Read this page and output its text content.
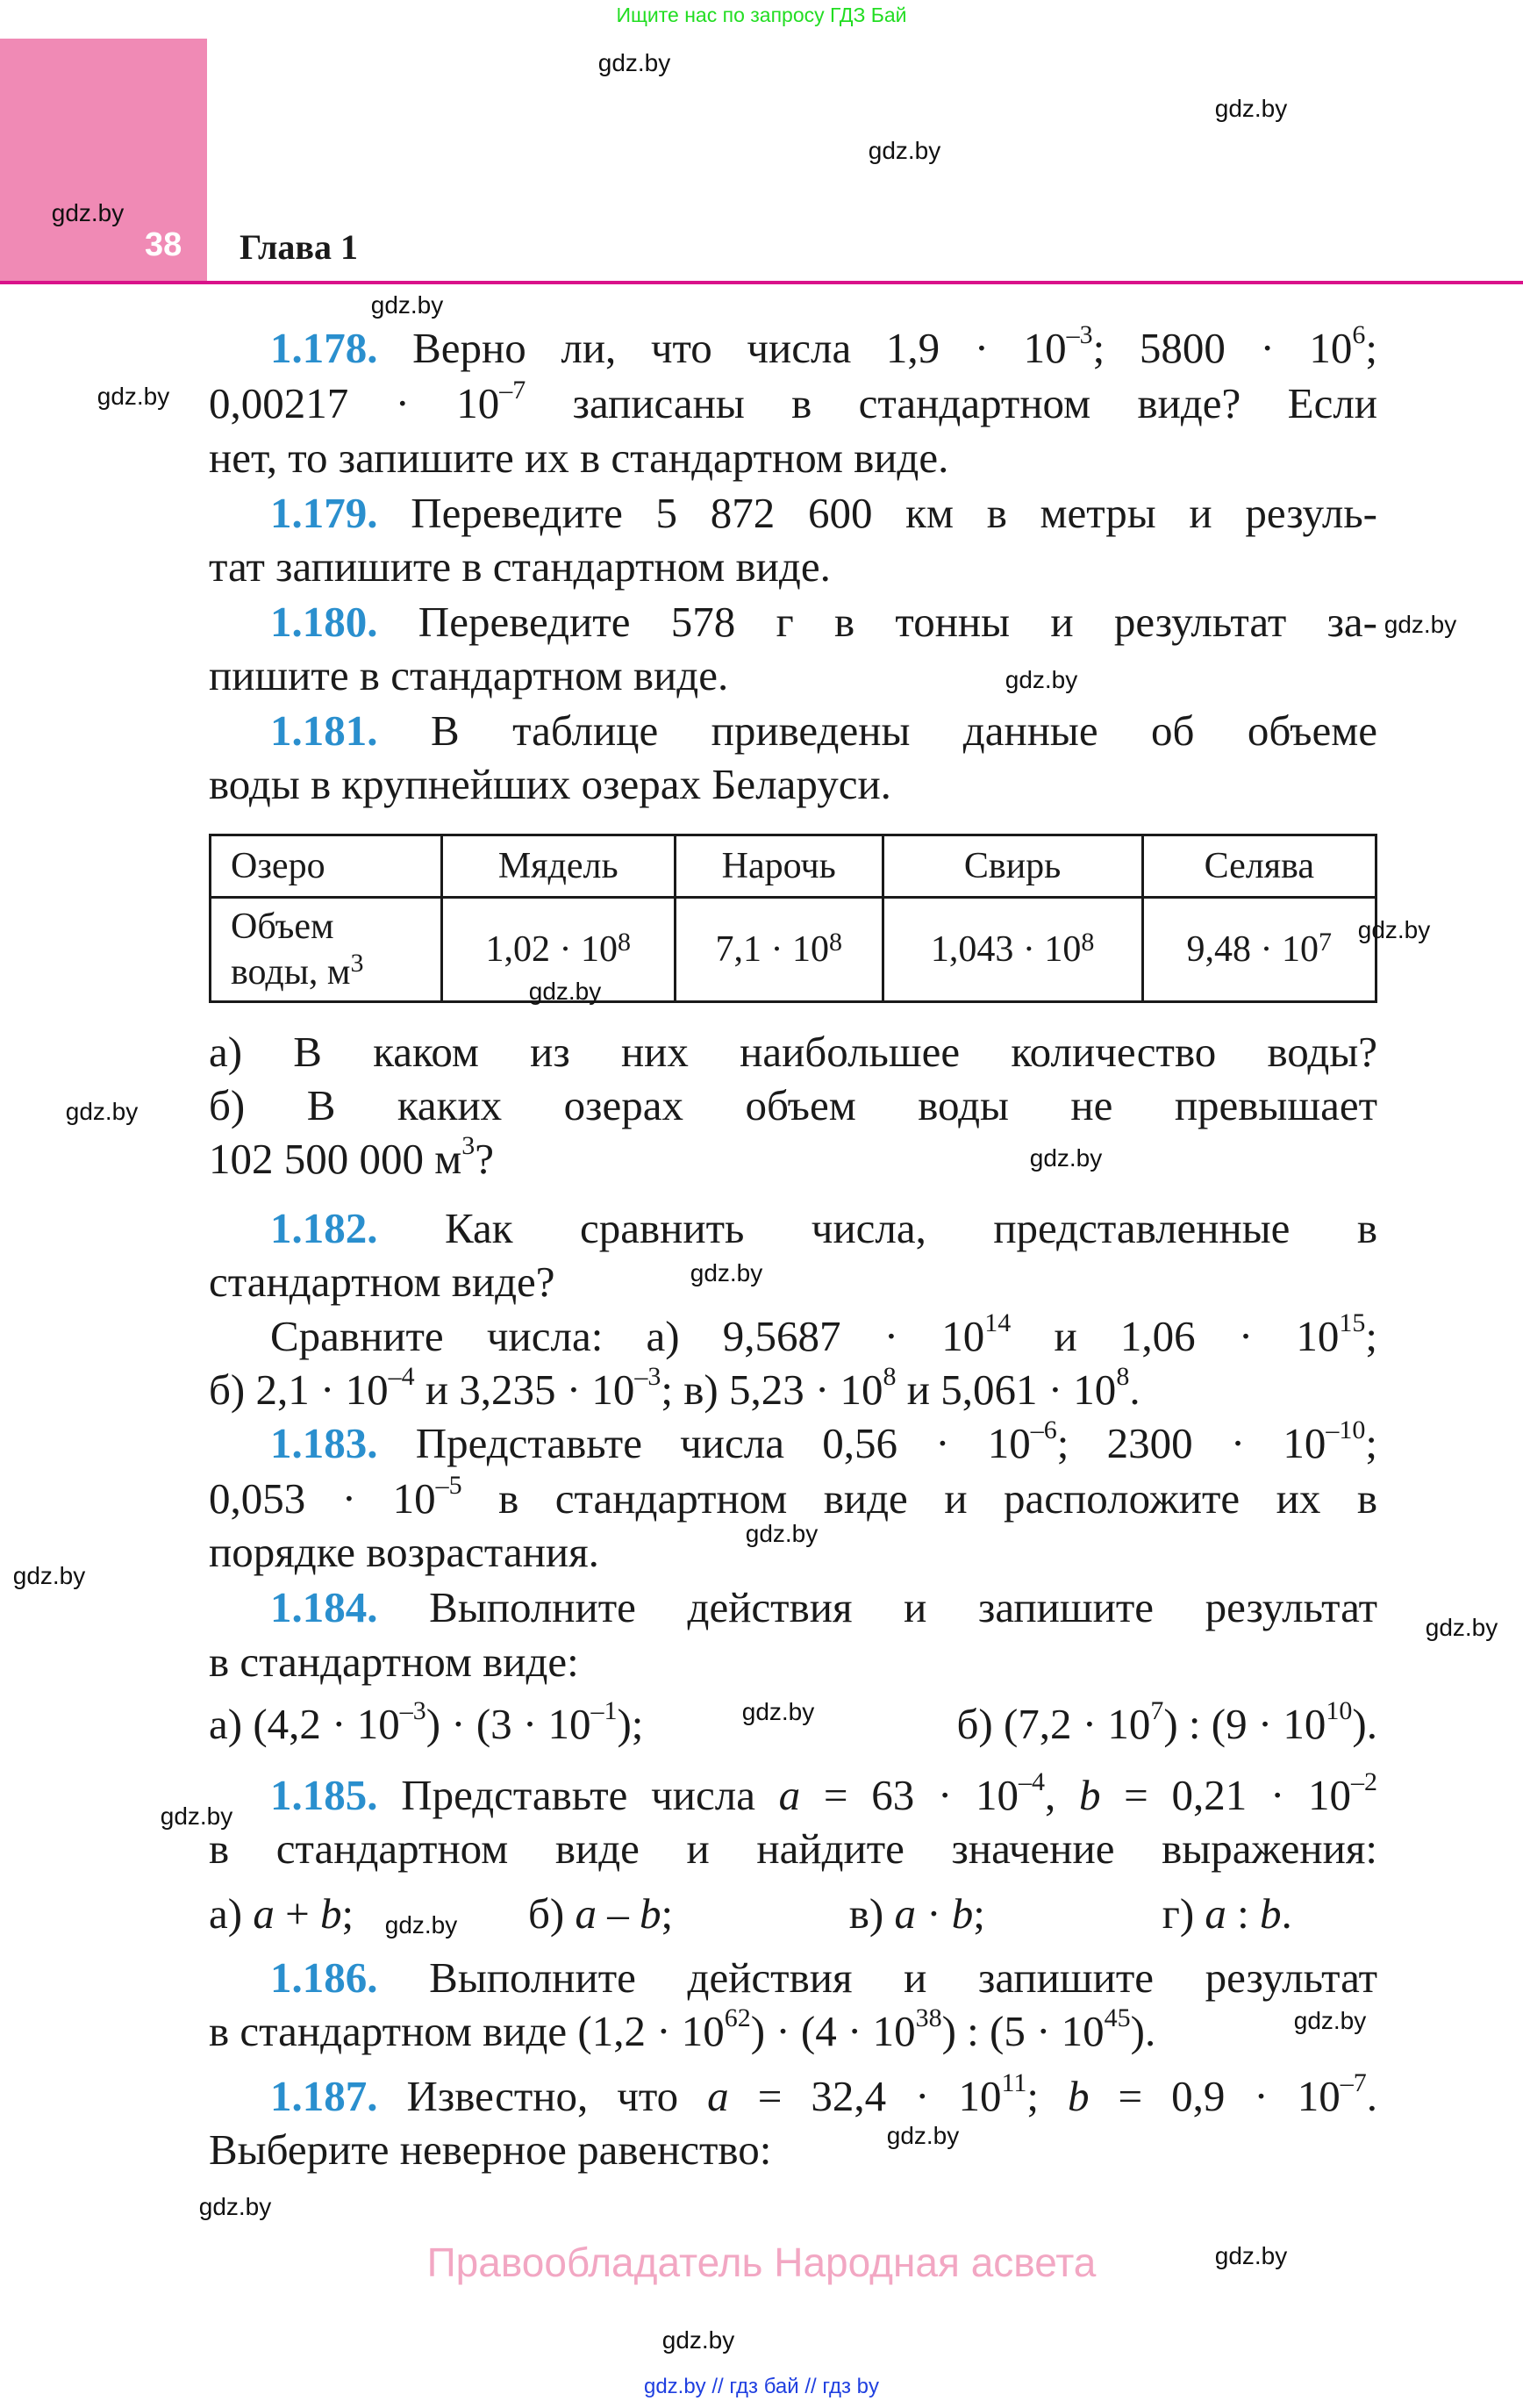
Ищите нас по запросу ГДЗ Бай
38 Глава 1
1.178. Верно ли, что числа $1,9 \cdot 10^{-3}$; $5800 \cdot 10^6$;
$0,00217 \cdot 10^{-7}$ записаны в стандартном виде? Если
нет, то запишите их в стандартном виде.
1.179. Переведите 5 872 600 км в метры и резуль-
тат запишите в стандартном виде.
1.180. Переведите 578 г в тонны и результат за-
пишите в стандартном виде.
1.181. В таблице приведены данные об объеме
воды в крупнейших озерах Беларуси.
а) В каком из них наибольшее количество воды?
б) В каких озерах объем воды не превышает
102 500 000 $м^3$?
1.182. Как сравнить числа, представленные в
стандартном виде?
Сравните числа: а) $9,5687 \cdot 10^{14}$ и $1,06 \cdot 10^{15}$;
б) $2,1 \cdot 10^{-4}$ и $3,235 \cdot 10^{-3}$; в) $5,23 \cdot 10^8$ и $5,061 \cdot 10^8$.
1.183. Представьте числа $0,56 \cdot 10^{-6}$; $2300 \cdot 10^{-10}$;
$0,053 \cdot 10^{-5}$ в стандартном виде и расположите их в
порядке возрастания.
1.184. Выполните действия и запишите результат
в стандартном виде:
а) $(4,2 \cdot 10^{-3}) \cdot (3 \cdot 10^{-1})$;	б) $(7,2 \cdot 10^7)$ : $(9 \cdot 10^{10})$.
1.185. Представьте числа $a = 63 \cdot 10^{-4}$, $b = 0,21 \cdot 10^{-2}$
в стандартном виде и найдите значение выражения:
а) a + b;	б) a – b;	в) a · b;	г) a : b.
1.186. Выполните действия и запишите результат
в стандартном виде $(1,2 \cdot 10^{62}) \cdot (4 \cdot 10^{38})$ : $(5 \cdot 10^{45})$.
1.187. Известно, что $a = 32,4 \cdot 10^{11}$; $b = 0,9 \cdot 10^{-7}$.
Выберите неверное равенство:
Озеро	Мядель	Нарочь	Свирь	Селява
Объем
воды, $м^3$	$1,02 \cdot 10^8$	$7,1 \cdot 10^8$	$1,043 \cdot 10^8$	$9,48 \cdot 10^7$
gdz.by
gdz.by
gdz.by
gdz.by
gdz.by
gdz.by
gdz.by
gdz.by
gdz.by
gdz.by
gdz.by
gdz.by
gdz.by
gdz.by
gdz.by
gdz.by
gdz.by
gdz.by
gdz.by
gdz.by
gdz.by
gdz.by
gdz.by
gdz.by
Правообладатель Народная асвета
gdz.by // гдз бай // гдз by
